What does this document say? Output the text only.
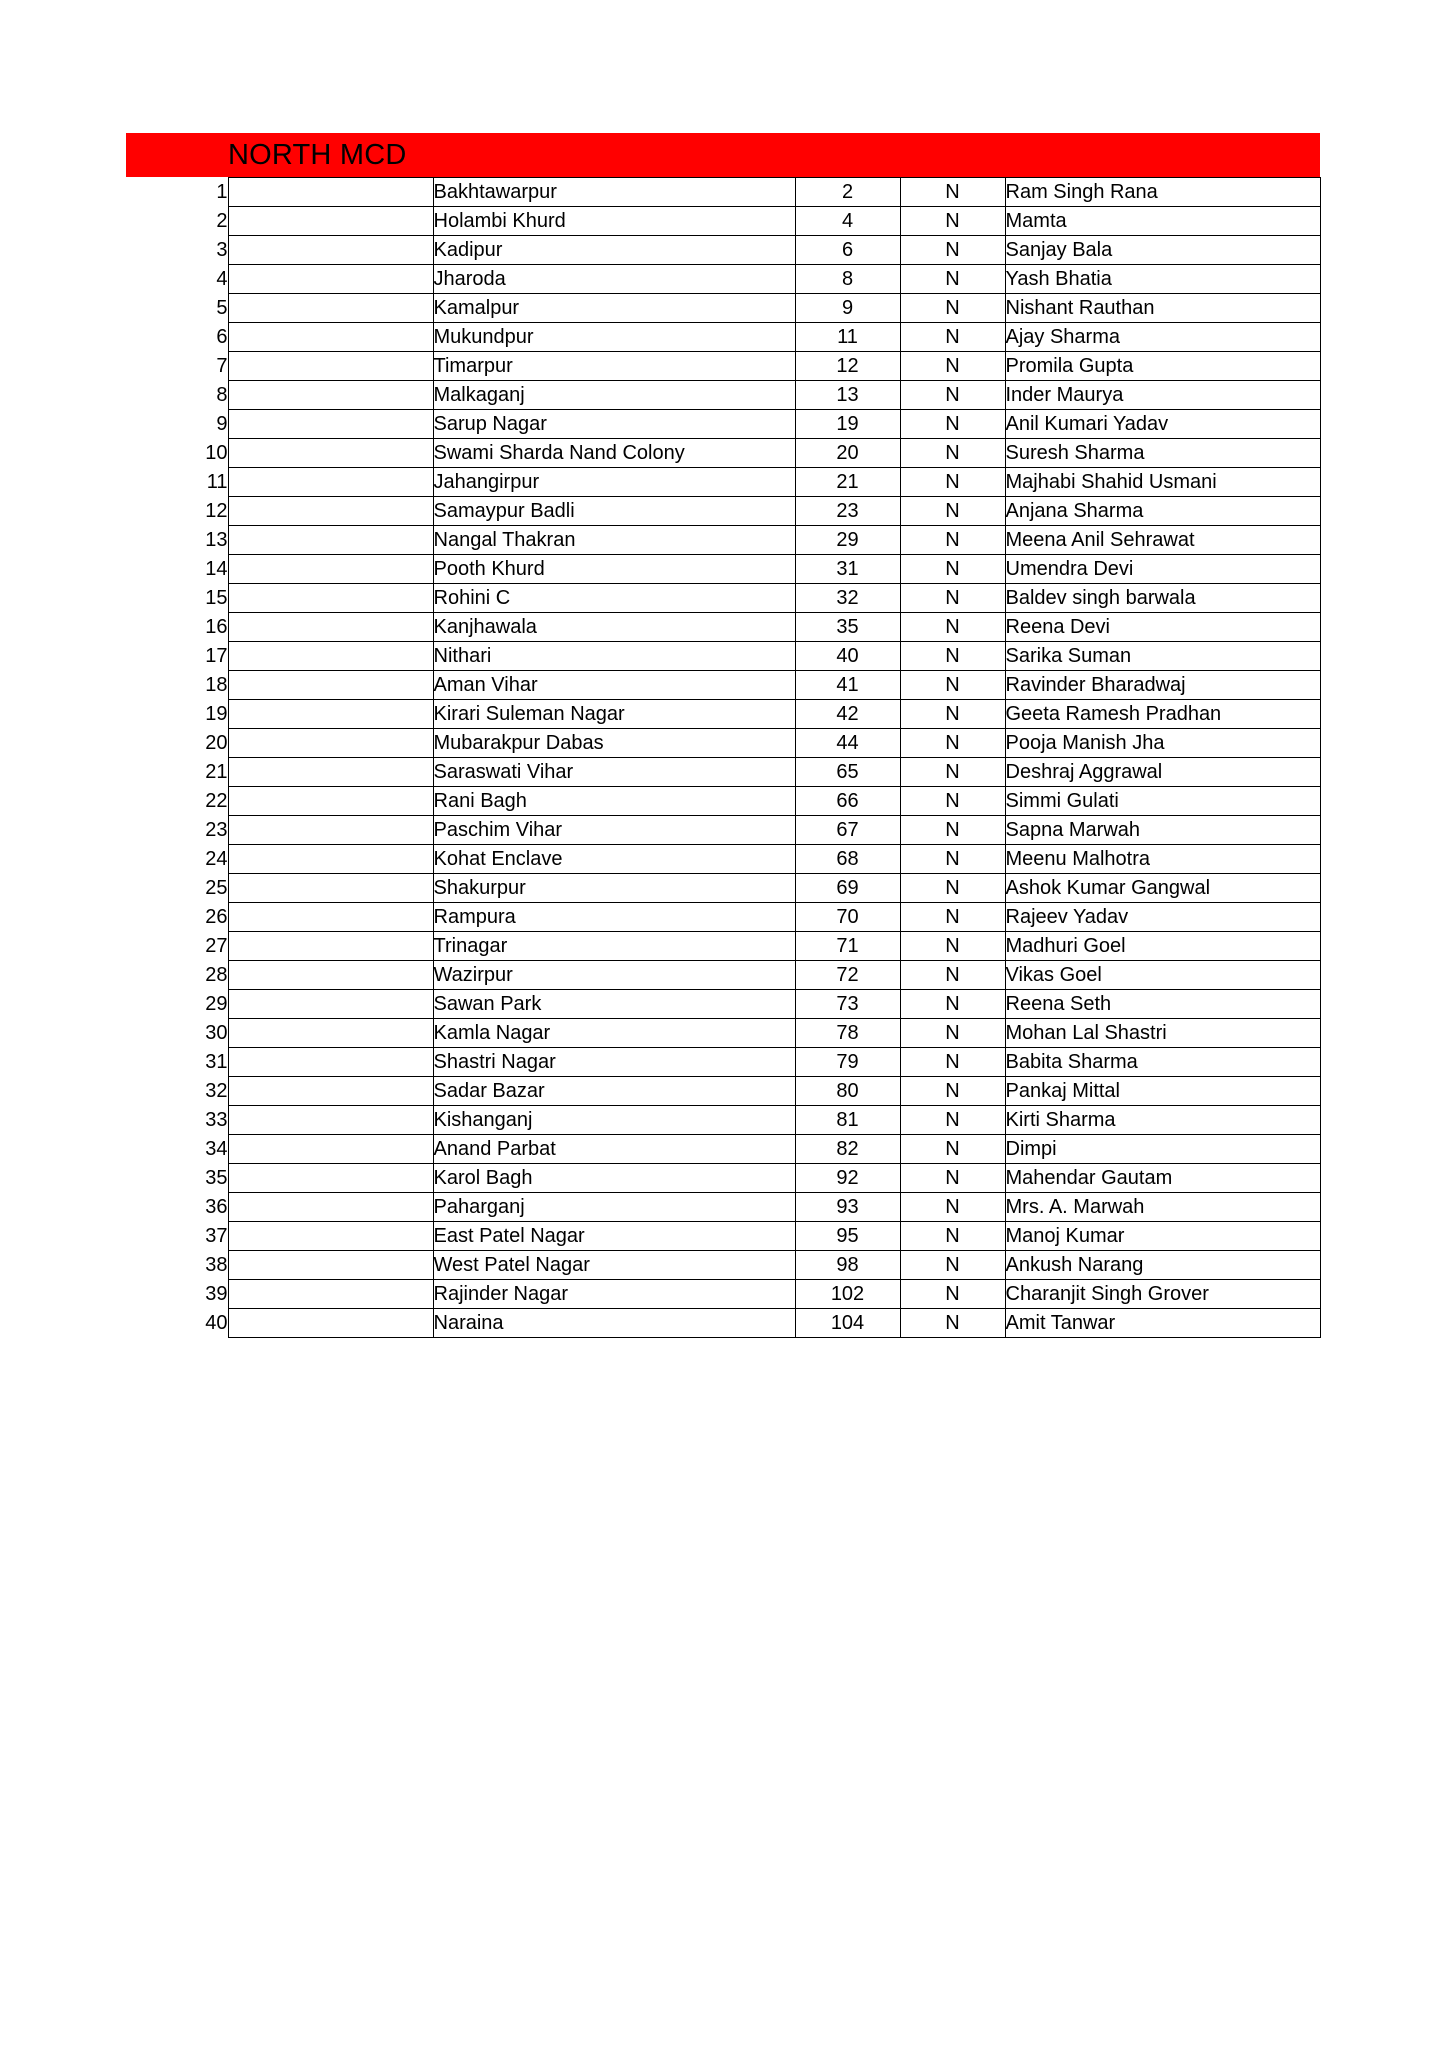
NORTH MCD
1		Bakhtawarpur	2	N	Ram Singh Rana
2		Holambi Khurd	4	N	Mamta
3		Kadipur	6	N	Sanjay Bala
4		Jharoda	8	N	Yash Bhatia
5		Kamalpur	9	N	Nishant Rauthan
6		Mukundpur	11	N	Ajay Sharma
7		Timarpur	12	N	Promila Gupta
8		Malkaganj	13	N	Inder Maurya
9		Sarup Nagar	19	N	Anil Kumari Yadav
10		Swami Sharda Nand Colony	20	N	Suresh Sharma
11		Jahangirpur	21	N	Majhabi Shahid Usmani
12		Samaypur Badli	23	N	Anjana Sharma
13		Nangal Thakran	29	N	Meena Anil Sehrawat
14		Pooth Khurd	31	N	Umendra Devi
15		Rohini C	32	N	Baldev singh barwala
16		Kanjhawala	35	N	Reena Devi
17		Nithari	40	N	Sarika Suman
18		Aman Vihar	41	N	Ravinder Bharadwaj
19		Kirari Suleman Nagar	42	N	Geeta Ramesh Pradhan
20		Mubarakpur Dabas	44	N	Pooja Manish Jha
21		Saraswati Vihar	65	N	Deshraj Aggrawal
22		Rani Bagh	66	N	Simmi Gulati
23		Paschim Vihar	67	N	Sapna Marwah
24		Kohat Enclave	68	N	Meenu Malhotra
25		Shakurpur	69	N	Ashok Kumar Gangwal
26		Rampura	70	N	Rajeev Yadav
27		Trinagar	71	N	Madhuri Goel
28		Wazirpur	72	N	Vikas Goel
29		Sawan Park	73	N	Reena Seth
30		Kamla Nagar	78	N	Mohan Lal Shastri
31		Shastri Nagar	79	N	Babita Sharma
32		Sadar Bazar	80	N	Pankaj Mittal
33		Kishanganj	81	N	Kirti Sharma
34		Anand Parbat	82	N	Dimpi
35		Karol Bagh	92	N	Mahendar Gautam
36		Paharganj	93	N	Mrs. A. Marwah
37		East Patel Nagar	95	N	Manoj Kumar
38		West Patel Nagar	98	N	Ankush Narang
39		Rajinder Nagar	102	N	Charanjit Singh Grover
40		Naraina	104	N	Amit Tanwar
